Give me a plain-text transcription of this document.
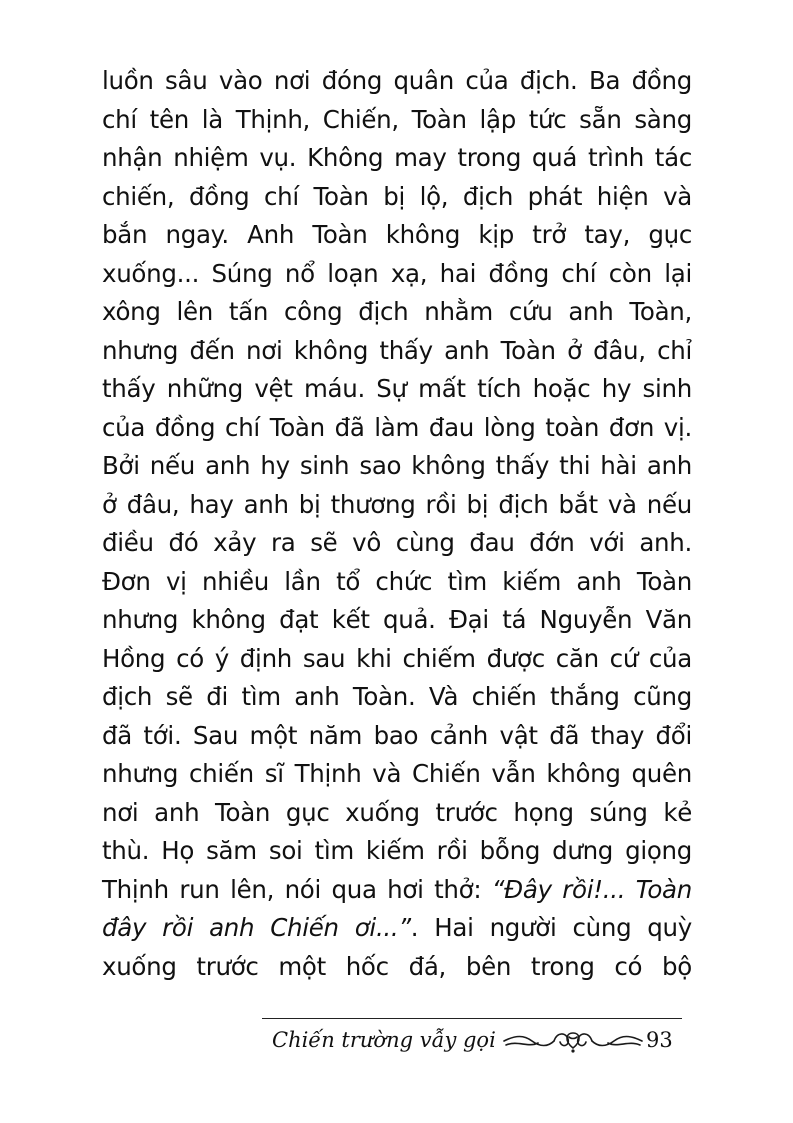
luồn sâu vào nơi đóng quân của địch. Ba đồng
chí tên là Thịnh, Chiến, Toàn lập tức sẵn sàng
nhận nhiệm vụ. Không may trong quá trình tác
chiến, đồng chí Toàn bị lộ, địch phát hiện và
bắn ngay. Anh Toàn không kịp trở tay, gục
xuống... Súng nổ loạn xạ, hai đồng chí còn lại
xông lên tấn công địch nhằm cứu anh Toàn,
nhưng đến nơi không thấy anh Toàn ở đâu, chỉ
thấy những vệt máu. Sự mất tích hoặc hy sinh
của đồng chí Toàn đã làm đau lòng toàn đơn vị.
Bởi nếu anh hy sinh sao không thấy thi hài anh
ở đâu, hay anh bị thương rồi bị địch bắt và nếu
điều đó xảy ra sẽ vô cùng đau đớn với anh.
Đơn vị nhiều lần tổ chức tìm kiếm anh Toàn
nhưng không đạt kết quả. Đại tá Nguyễn Văn
Hồng có ý định sau khi chiếm được căn cứ của
địch sẽ đi tìm anh Toàn. Và chiến thắng cũng
đã tới. Sau một năm bao cảnh vật đã thay đổi
nhưng chiến sĩ Thịnh và Chiến vẫn không quên
nơi anh Toàn gục xuống trước họng súng kẻ
thù. Họ săm soi tìm kiếm rồi bỗng dưng giọng
Thịnh run lên, nói qua hơi thở: “Đây rồi!... Toàn
đây rồi anh Chiến ơi...”. Hai người cùng quỳ
xuống trước một hốc đá, bên trong có bộ
Chiến trường vẫy gọi	93
